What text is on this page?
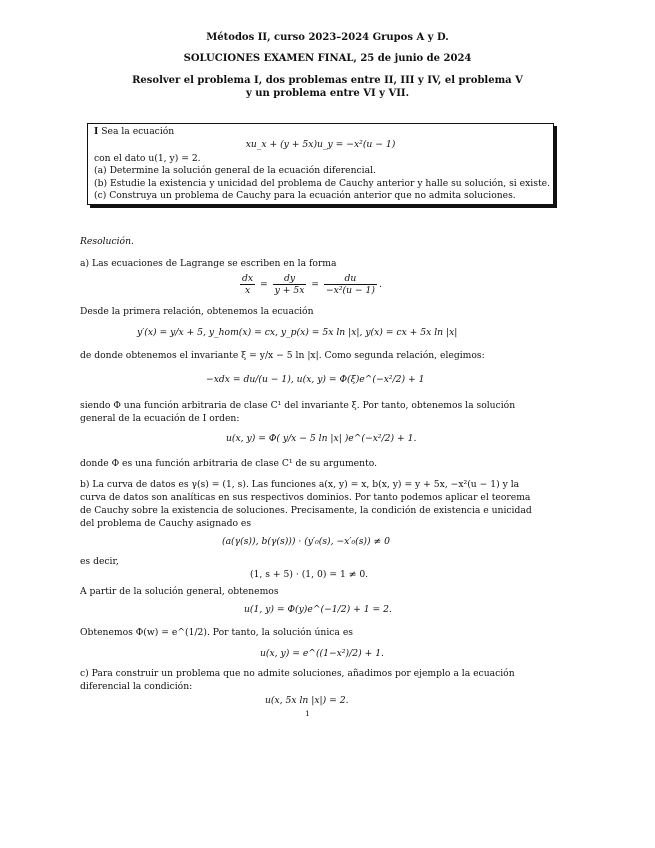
Métodos II, curso 2023–2024 Grupos A y D.
SOLUCIONES EXAMEN FINAL, 25 de junio de 2024
Resolver el problema I, dos problemas entre II, III y IV, el problema V
y un problema entre VI y VII.
I Sea la ecuación
xu_x + (y + 5x)u_y = −x²(u − 1)
con el dato u(1, y) = 2.
(a) Determine la solución general de la ecuación diferencial.
(b) Estudie la existencia y unicidad del problema de Cauchy anterior y halle su solución, si existe.
(c) Construya un problema de Cauchy para la ecuación anterior que no admita soluciones.
Resolución.
a) Las ecuaciones de Lagrange se escriben en la forma
$\frac{dx}{x} = \frac{dy}{y + 5x} = \frac{du}{\text{−x²(u − 1)}}$ .
Desde la primera relación, obtenemos la ecuación
y′(x) = y/x + 5, y_hom(x) = cx, y_p(x) = 5x ln |x|, y(x) = cx + 5x ln |x|
de donde obtenemos el invariante ξ = y/x − 5 ln |x|. Como segunda relación, elegimos:
−xdx = du/(u − 1), u(x, y) = Φ(ξ)e^(−x²/2) + 1
siendo Φ una función arbitraria de clase C¹ del invariante ξ. Por tanto, obtenemos la solución
general de la ecuación de I orden:
u(x, y) = Φ( y/x − 5 ln |x| )e^(−x²/2) + 1.
donde Φ es una función arbitraria de clase C¹ de su argumento.
b) La curva de datos es γ(s) = (1, s). Las funciones a(x, y) = x, b(x, y) = y + 5x, −x²(u − 1) y la
curva de datos son analíticas en sus respectivos dominios. Por tanto podemos aplicar el teorema
de Cauchy sobre la existencia de soluciones. Precisamente, la condición de existencia e unicidad
del problema de Cauchy asignado es
(a(γ(s)), b(γ(s))) · (y′₀(s), −x′₀(s)) ≠ 0
es decir,
(1, s + 5) · (1, 0) = 1 ≠ 0.
A partir de la solución general, obtenemos
u(1, y) = Φ(y)e^(−1/2) + 1 = 2.
Obtenemos Φ(w) = e^(1/2). Por tanto, la solución única es
u(x, y) = e^((1−x²)/2) + 1.
c) Para construir un problema que no admite soluciones, añadimos por ejemplo a la ecuación
diferencial la condición:
u(x, 5x ln |x|) = 2.
1
